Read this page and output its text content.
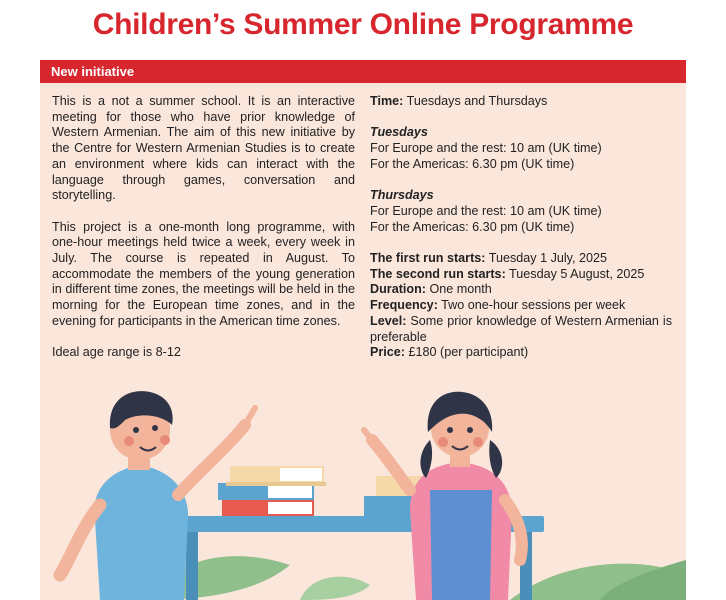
Children’s Summer Online Programme
New initiative

This is a not a summer school. It is an interactive meeting for those who have prior knowledge of Western Armenian. The aim of this new initiative by the Centre for Western Armenian Studies is to create an environment where kids can interact with the language through games, conversation and storytelling.

This project is a one-month long programme, with one-hour meetings held twice a week, every week in July. The course is repeated in August. To accommodate the members of the young generation in different time zones, the meetings will be held in the morning for the European time zones, and in the evening for participants in the American time zones.

Ideal age range is 8-12

Time: Tuesdays and Thursdays
Tuesdays
For Europe and the rest: 10 am (UK time)
For the Americas: 6.30 pm (UK time)
Thursdays
For Europe and the rest: 10 am (UK time)
For the Americas: 6.30 pm (UK time)
The first run starts: Tuesday 1 July, 2025
The second run starts: Tuesday 5 August, 2025
Duration: One month
Frequency: Two one-hour sessions per week
Level: Some prior knowledge of Western Armenian is preferable
Price: £180 (per participant)
